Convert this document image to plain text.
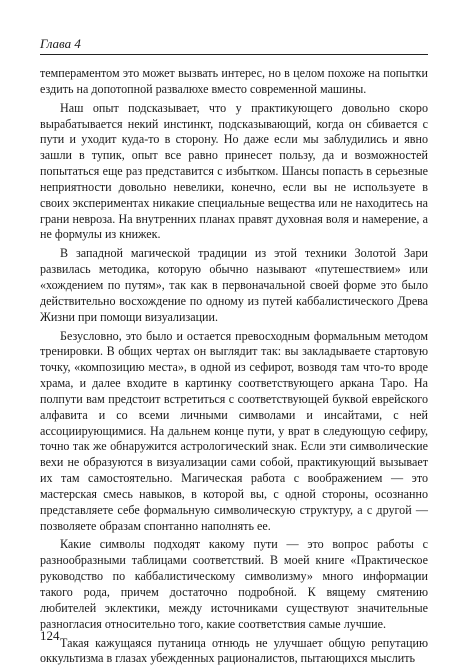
Глава 4

темпераментом это может вызвать интерес, но в целом похоже на попытки ездить на допотопной развалюхе вместо современной машины.

Наш опыт подсказывает, что у практикующего довольно скоро вырабатывается некий инстинкт, подсказывающий, когда он сбивается с пути и уходит куда-то в сторону. Но даже если мы заблудились и явно зашли в тупик, опыт все равно принесет пользу, да и возможностей попытаться еще раз представится с избытком. Шансы попасть в серьезные неприятности довольно невелики, конечно, если вы не используете в своих экспериментах никакие специальные вещества или не находитесь на грани невроза. На внутренних планах правят духовная воля и намерение, а не формулы из книжек.

В западной магической традиции из этой техники Золотой Зари развилась методика, которую обычно называют «путешествием» или «хождением по путям», так как в первоначальной своей форме это было действительно восхождение по одному из путей каббалистического Древа Жизни при помощи визуализации.

Безусловно, это было и остается превосходным формальным методом тренировки. В общих чертах он выглядит так: вы закладываете стартовую точку, «композицию места», в одной из сефирот, возводя там что-то вроде храма, и далее входите в картинку соответствующего аркана Таро. На полпути вам предстоит встретиться с соответствующей буквой еврейского алфавита и со всеми личными символами и инсайтами, с ней ассоциирующимися. На дальнем конце пути, у врат в следующую сефиру, точно так же обнаружится астрологический знак. Если эти символические вехи не образуются в визуализации сами собой, практикующий вызывает их там самостоятельно. Магическая работа с воображением — это мастерская смесь навыков, в которой вы, с одной стороны, осознанно представляете себе формальную символическую структуру, а с другой — позволяете образам спонтанно наполнять ее.

Какие символы подходят какому пути — это вопрос работы с разнообразными таблицами соответствий. В моей книге «Практическое руководство по каббалистическому символизму» много информации такого рода, причем достаточно подробной. К вящему смятению любителей эклектики, между источниками существуют значительные разногласия относительно того, какие соответствия самые лучшие.

Такая кажущаяся путаница отнюдь не улучшает общую репутацию оккультизма в глазах убежденных рационалистов, пытающихся мыслить

124
